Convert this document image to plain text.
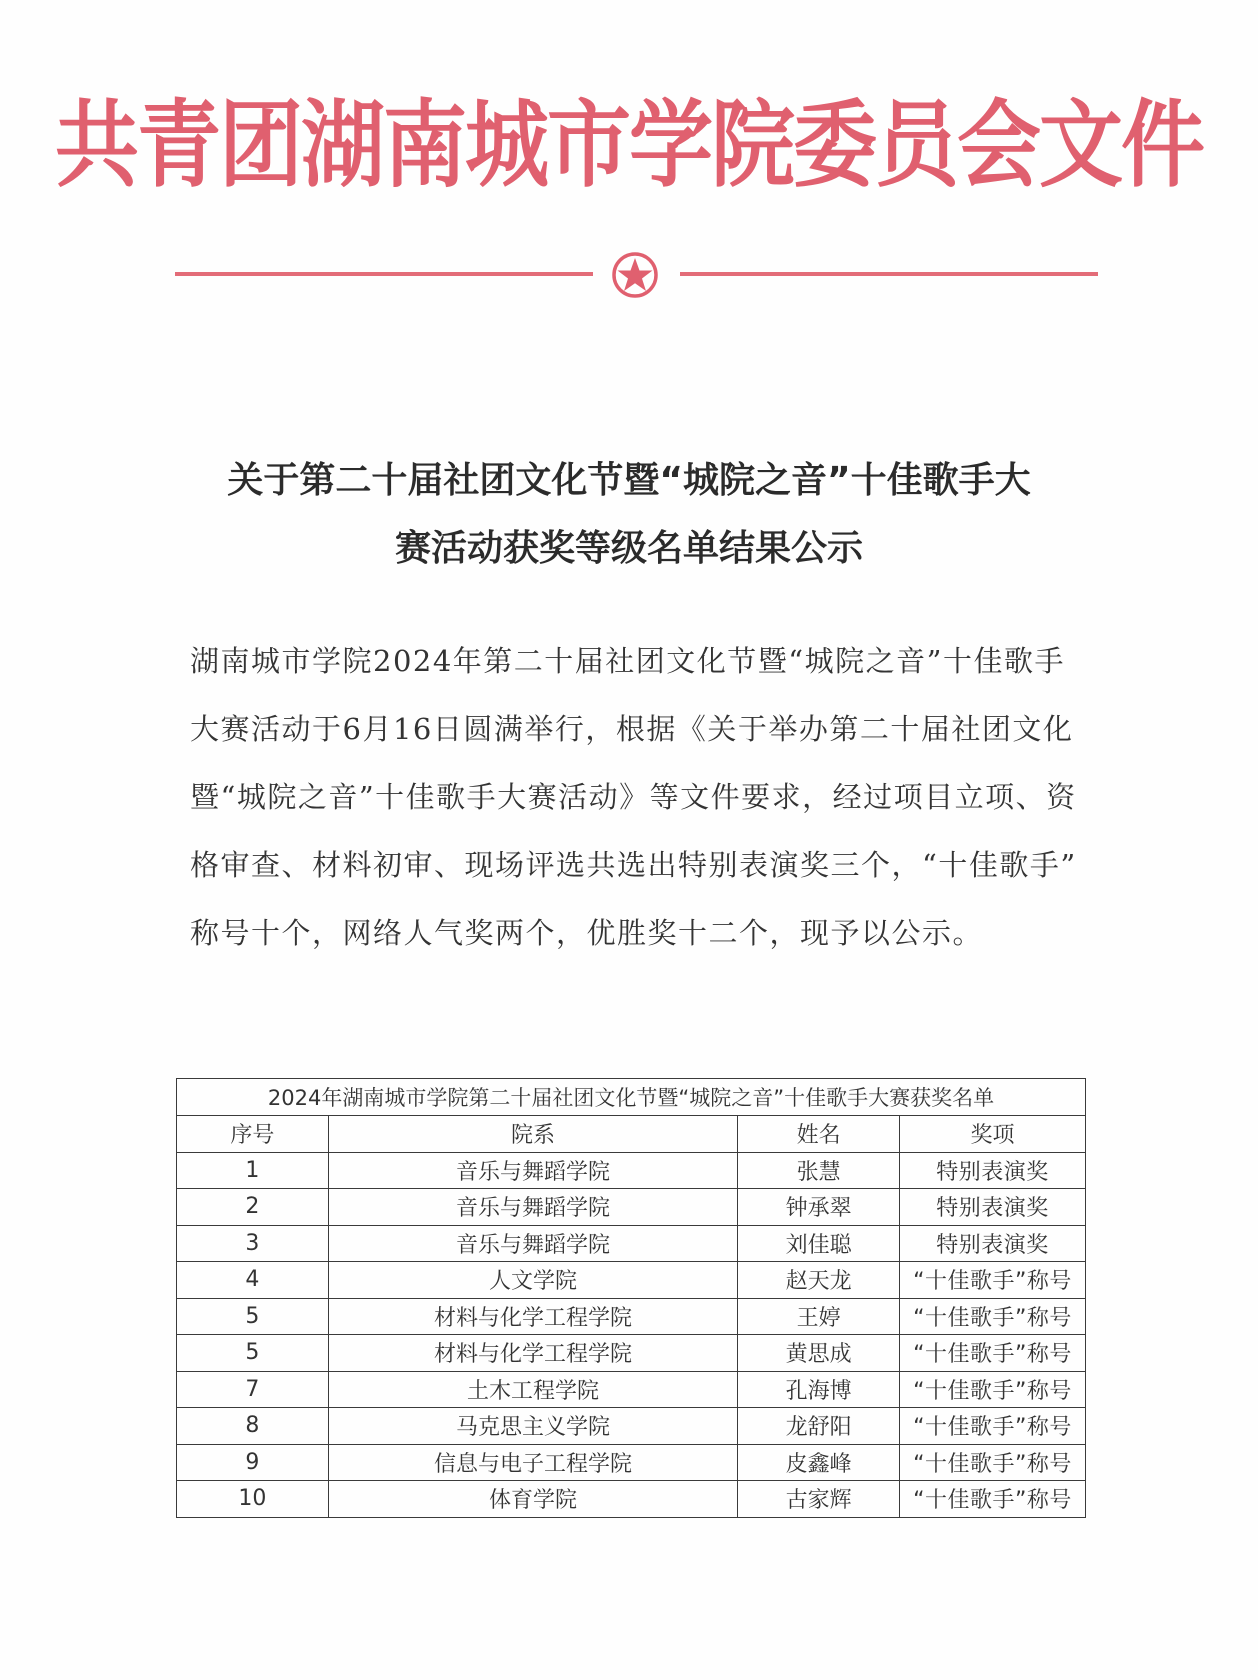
共青团湖南城市学院委员会文件
关于第二十届社团文化节暨“城院之音”十佳歌手大
赛活动获奖等级名单结果公示
湖南城市学院2024年第二十届社团文化节暨“城院之音”十佳歌手
大赛活动于6月16日圆满举行，根据《关于举办第二十届社团文化
暨“城院之音”十佳歌手大赛活动》等文件要求，经过项目立项、资
格审查、材料初审、现场评选共选出特别表演奖三个，“十佳歌手”
称号十个，网络人气奖两个，优胜奖十二个，现予以公示。
2024年湖南城市学院第二十届社团文化节暨“城院之音”十佳歌手大赛获奖名单			
序号	院系	姓名	奖项
1	音乐与舞蹈学院	张慧	特别表演奖
2	音乐与舞蹈学院	钟承翠	特别表演奖
3	音乐与舞蹈学院	刘佳聪	特别表演奖
4	人文学院	赵天龙	“十佳歌手”称号
5	材料与化学工程学院	王婷	“十佳歌手”称号
5	材料与化学工程学院	黄思成	“十佳歌手”称号
7	土木工程学院	孔海博	“十佳歌手”称号
8	马克思主义学院	龙舒阳	“十佳歌手”称号
9	信息与电子工程学院	皮鑫峰	“十佳歌手”称号
10	体育学院	古家辉	“十佳歌手”称号
